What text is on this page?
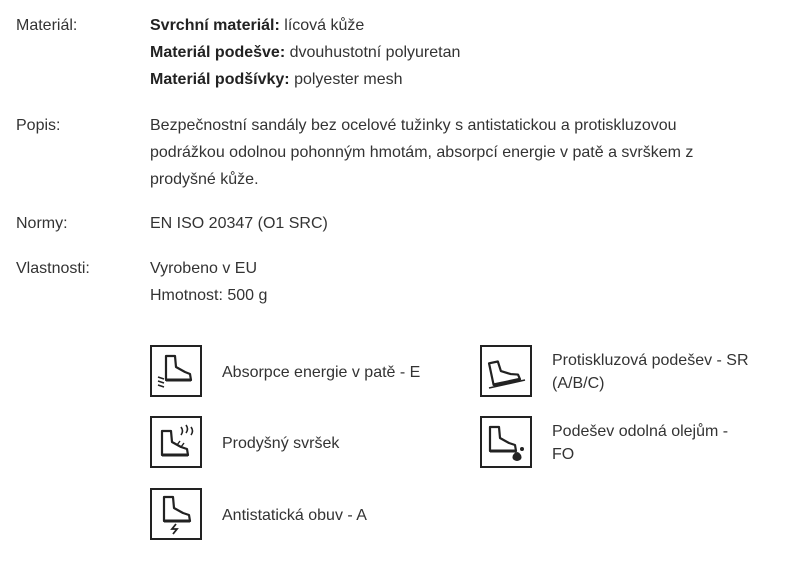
Materiál:	Svrchní materiál: lícová kůže
Materiál podešve: dvouhustotní polyuretan
Materiál podšívky: polyester mesh
Popis:	Bezpečnostní sandály bez ocelové tužinky s antistatickou a protiskluzovou
podrážkou odolnou pohonným hmotám, absorpcí energie v patě a svrškem z
prodyšné kůže.
Normy:	EN ISO 20347 (O1 SRC)
Vlastnosti:	Vyrobeno v EU
Hmotnost: 500 g
Absorpce energie v patě - E
Prodyšný svršek
Antistatická obuv - A
Protiskluzová podešev - SR
(A/B/C)
Podešev odolná olejům -
FO
